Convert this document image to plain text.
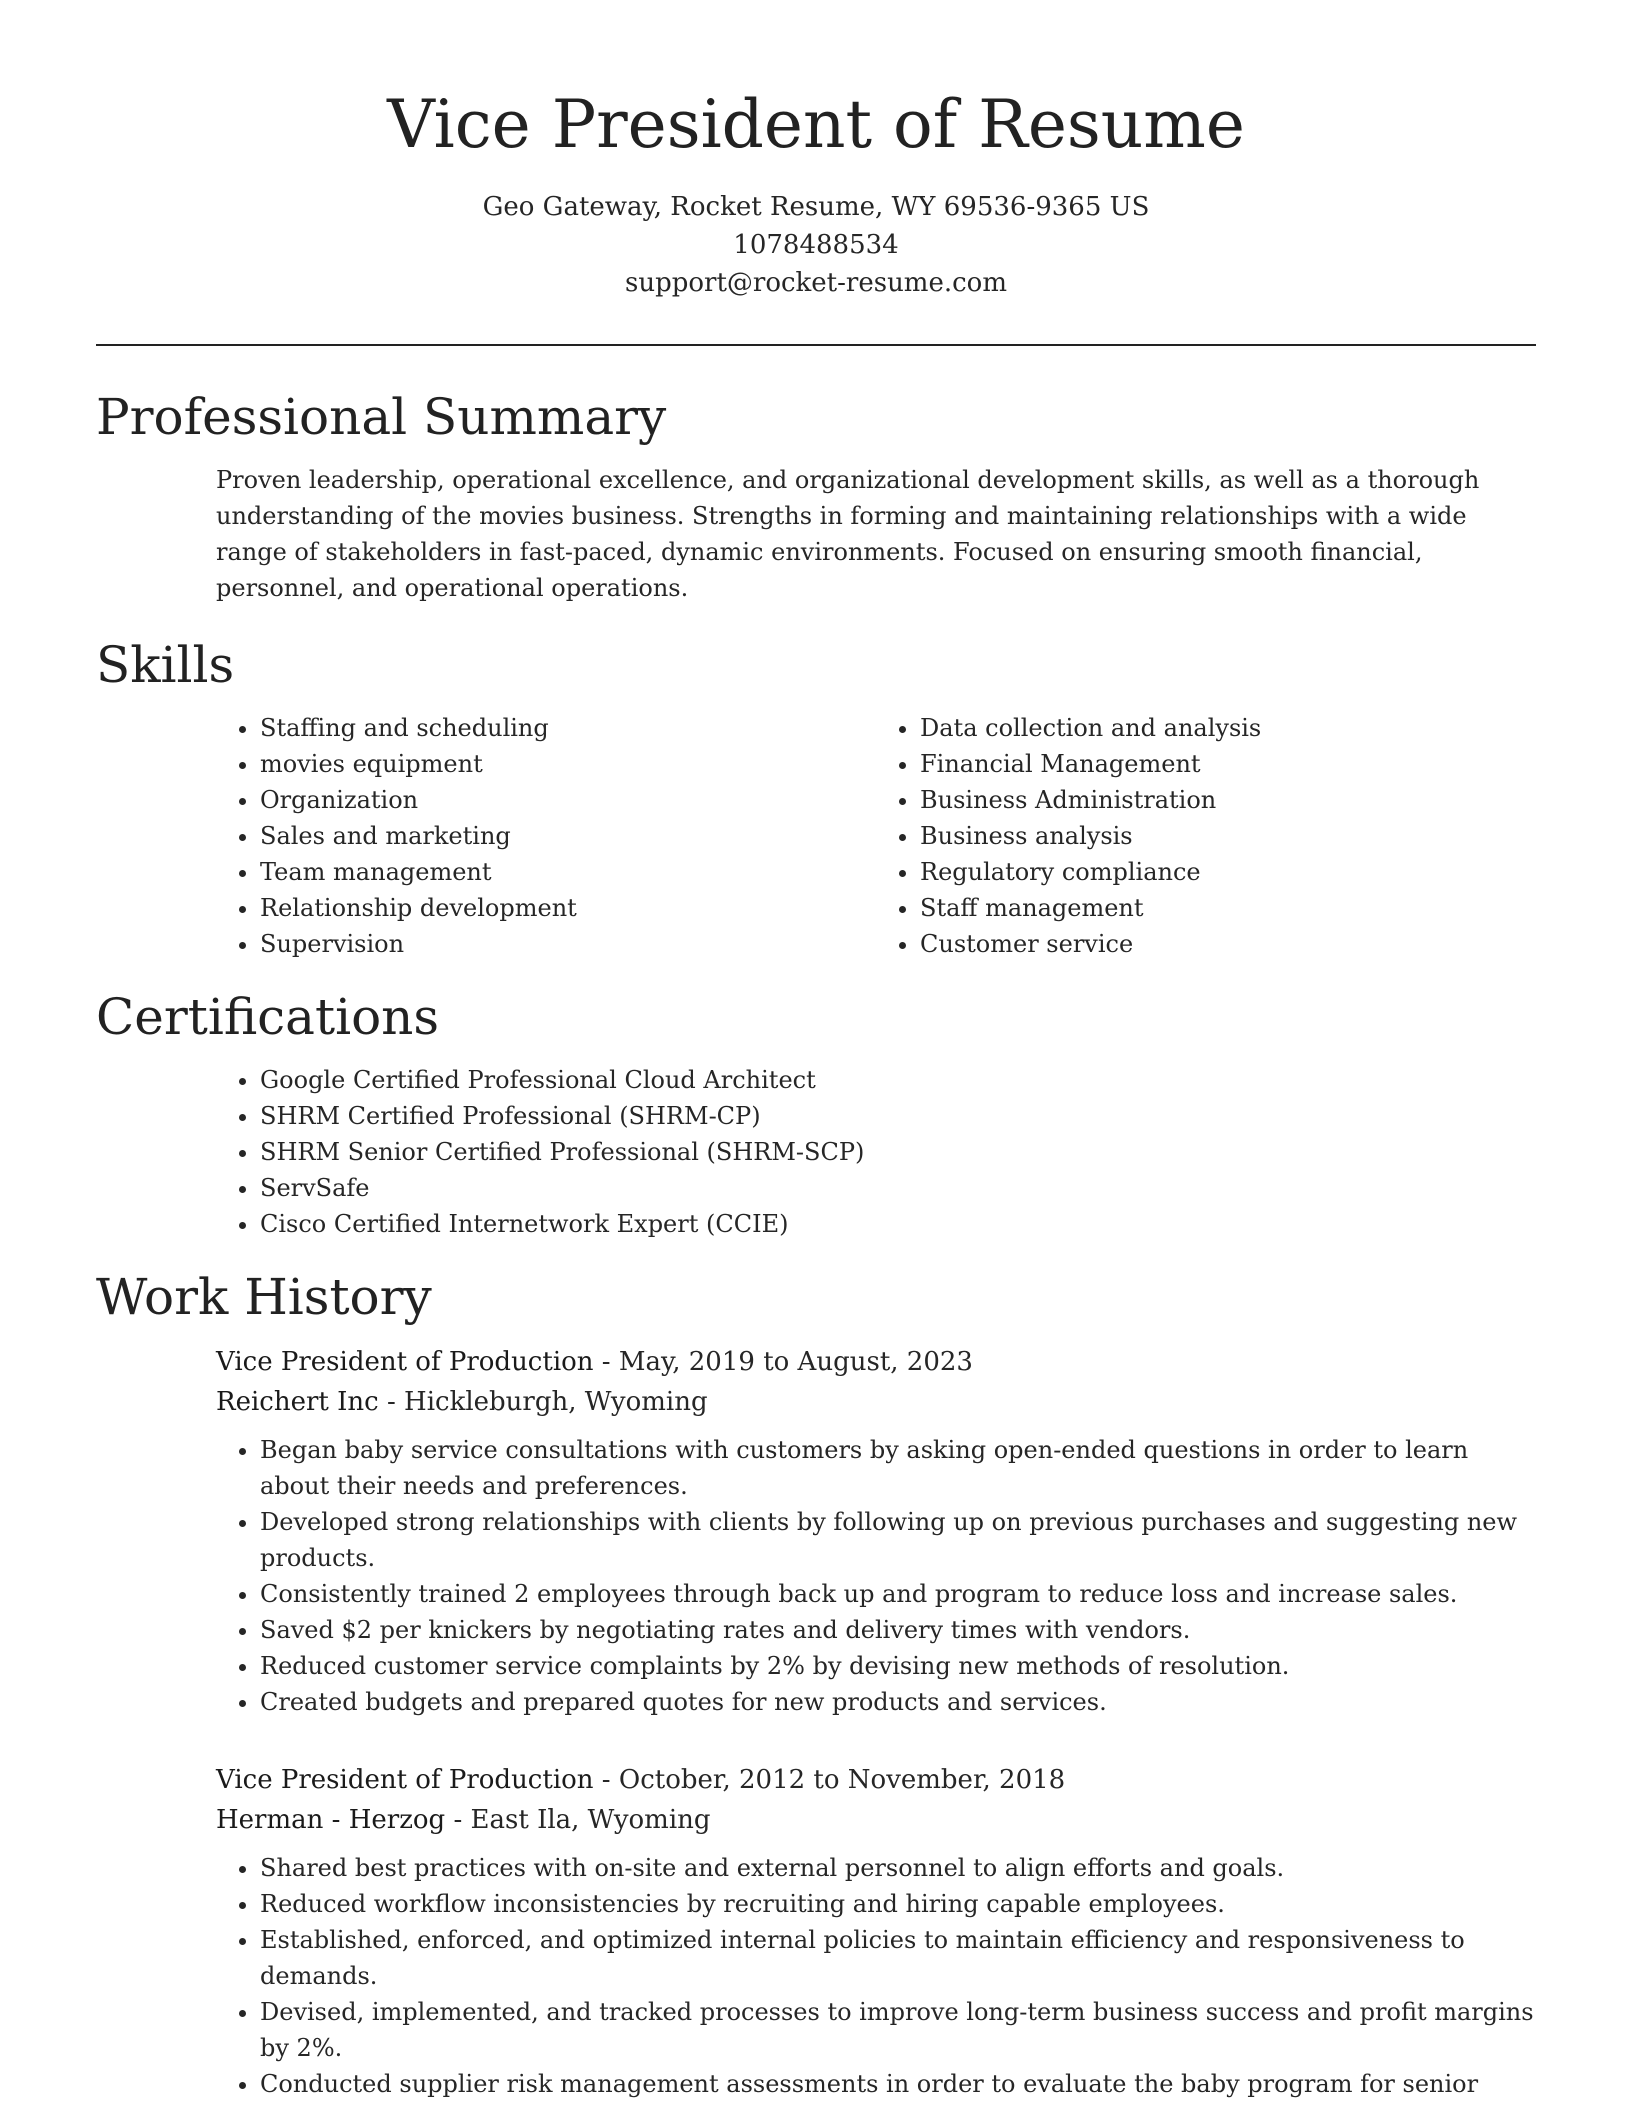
Vice President of Resume
Geo Gateway, Rocket Resume, WY 69536-9365 US
1078488534
support@rocket-resume.com
Professional Summary

Proven leadership, operational excellence, and organizational development skills, as well as a thorough understanding of the movies business. Strengths in forming and maintaining relationships with a wide range of stakeholders in fast-paced, dynamic environments. Focused on ensuring smooth financial, personnel, and operational operations.

Skills
• Staffing and scheduling
• movies equipment
• Organization
• Sales and marketing
• Team management
• Relationship development
• Supervision
• Data collection and analysis
• Financial Management
• Business Administration
• Business analysis
• Regulatory compliance
• Staff management
• Customer service
Certifications
• Google Certified Professional Cloud Architect
• SHRM Certified Professional (SHRM-CP)
• SHRM Senior Certified Professional (SHRM-SCP)
• ServSafe
• Cisco Certified Internetwork Expert (CCIE)
Work History
Vice President of Production - May, 2019 to August, 2023
Reichert Inc - Hickleburgh, Wyoming
• Began baby service consultations with customers by asking open-ended questions in order to learn about their needs and preferences.
• Developed strong relationships with clients by following up on previous purchases and suggesting new products.
• Consistently trained 2 employees through back up and program to reduce loss and increase sales.
• Saved $2 per knickers by negotiating rates and delivery times with vendors.
• Reduced customer service complaints by 2% by devising new methods of resolution.
• Created budgets and prepared quotes for new products and services.
Vice President of Production - October, 2012 to November, 2018
Herman - Herzog - East Ila, Wyoming
• Shared best practices with on-site and external personnel to align efforts and goals.
• Reduced workflow inconsistencies by recruiting and hiring capable employees.
• Established, enforced, and optimized internal policies to maintain efficiency and responsiveness to demands.
• Devised, implemented, and tracked processes to improve long-term business success and profit margins by 2%.
• Conducted supplier risk management assessments in order to evaluate the baby program for senior
